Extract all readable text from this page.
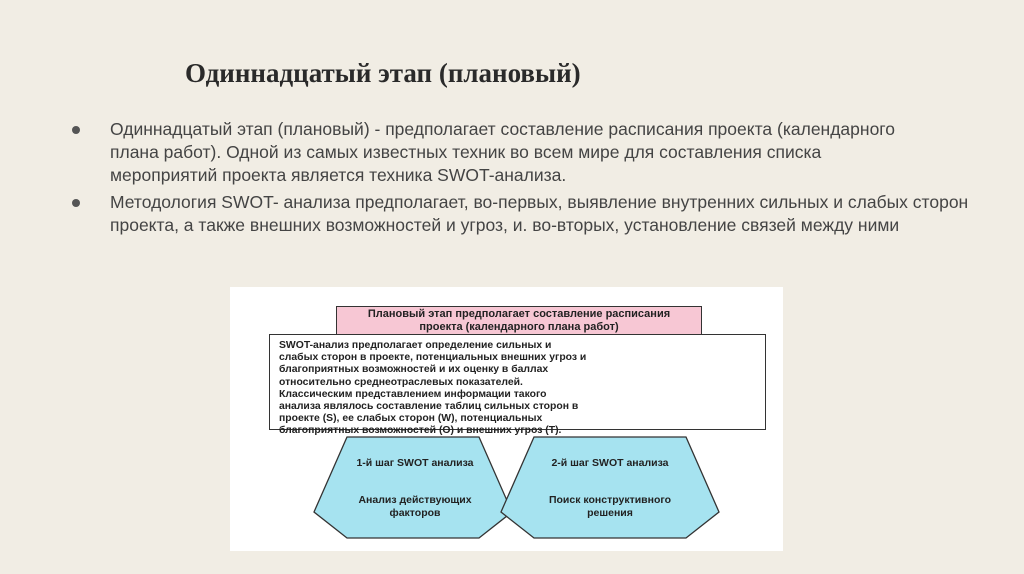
Одиннадцатый этап (плановый)

Одиннадцатый этап (плановый) - предполагает составление расписания проекта (календарного плана работ). Одной из самых известных техник во всем мире для составления списка мероприятий проекта является техника SWOT-анализа.

Методология SWOT- анализа предполагает, во-первых, выявление внутренних сильных и слабых сторон проекта, а также внешних возможностей и угроз, и. во-вторых, установление связей между ними

Плановый этап предполагает составление расписания проекта (календарного плана работ)
SWOT-анализ предполагает определение сильных и слабых сторон в проекте, потенциальных внешних угроз и благоприятных возможностей и их оценку в баллах относительно среднеотраслевых показателей. Классическим представлением информации такого анализа являлось составление таблиц сильных сторон в проекте (S), ее слабых сторон (W), потенциальных благоприятных возможностей (O) и внешних угроз (T).
1-й шаг SWOT анализа
Анализ действующих факторов
2-й шаг SWOT анализа
Поиск конструктивного решения
